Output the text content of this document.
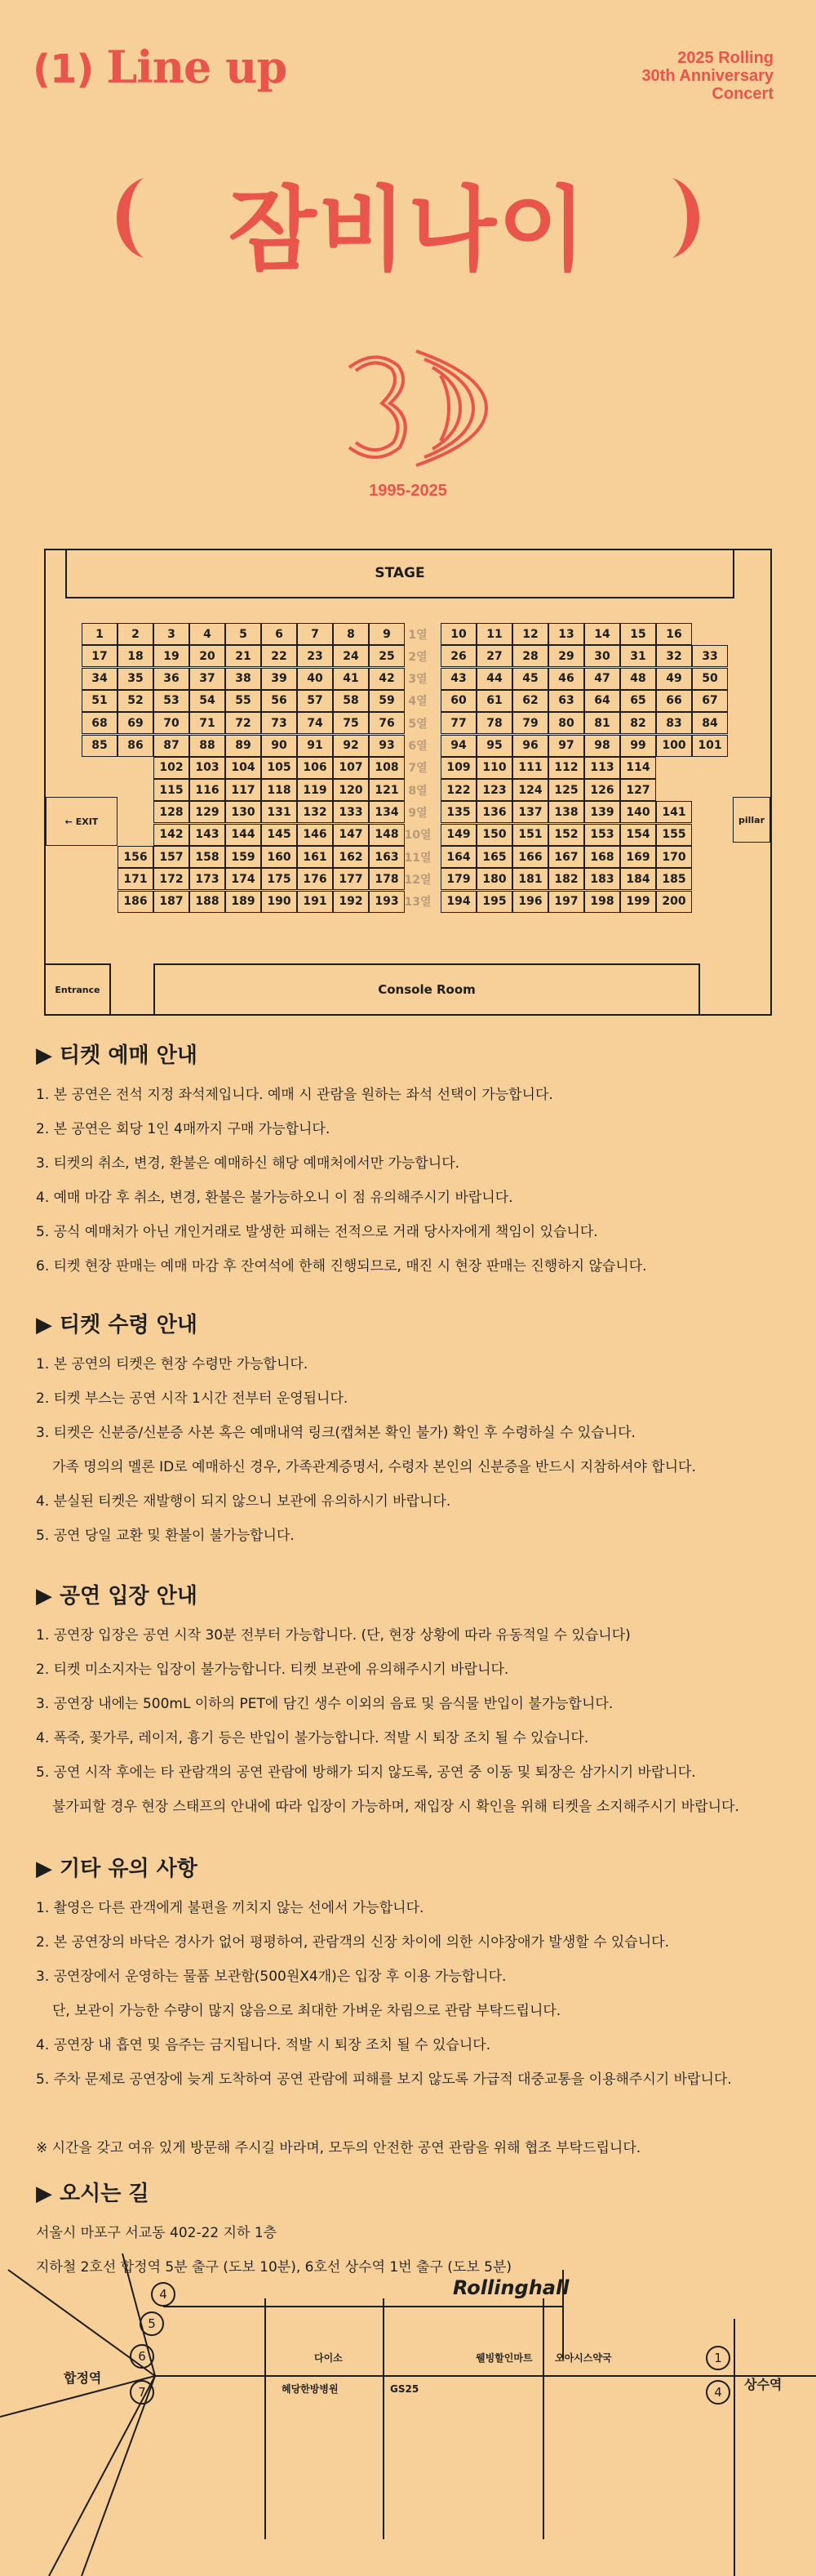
(1) Line up	2025 Rolling
30th Anniversary
Concert
잠비나이
1995-2025
STAGE
← EXIT	pillar
Entrance	Console Room
1	2	3	4	5	6	7	8	9	1열	10	11	12	13	14	15	16
17	18	19	20	21	22	23	24	25	2열	26	27	28	29	30	31	32	33
34	35	36	37	38	39	40	41	42	3열	43	44	45	46	47	48	49	50
51	52	53	54	55	56	57	58	59	4열	60	61	62	63	64	65	66	67
68	69	70	71	72	73	74	75	76	5열	77	78	79	80	81	82	83	84
85	86	87	88	89	90	91	92	93	6열	94	95	96	97	98	99	100	101
102	103	104	105	106	107	108 7열	109	110	111	112	113	114
115	116	117	118	119	120	121 8열	122	123	124	125	126	127
128	129	130	131	132	133	134 9열	135	136	137	138	139	140	141
142	143	144	145	146	147	148 10열	149	150	151	152	153	154	155
156	157	158	159	160	161	162	163 11열	164	165	166	167	168	169	170
171	172	173	174	175	176	177	178 12열	179	180	181	182	183	184	185
186	187	188	189	190	191	192	193 13열	194	195	196	197	198	199	200
▶ 티켓 예매 안내
1. 본 공연은 전석 지정 좌석제입니다. 예매 시 관람을 원하는 좌석 선택이 가능합니다.
2. 본 공연은 회당 1인 4매까지 구매 가능합니다.
3. 티켓의 취소, 변경, 환불은 예매하신 해당 예매처에서만 가능합니다.
4. 예매 마감 후 취소, 변경, 환불은 불가능하오니 이 점 유의해주시기 바랍니다.
5. 공식 예매처가 아닌 개인거래로 발생한 피해는 전적으로 거래 당사자에게 책임이 있습니다.
6. 티켓 현장 판매는 예매 마감 후 잔여석에 한해 진행되므로, 매진 시 현장 판매는 진행하지 않습니다.
▶ 티켓 수령 안내
1. 본 공연의 티켓은 현장 수령만 가능합니다.
2. 티켓 부스는 공연 시작 1시간 전부터 운영됩니다.
3. 티켓은 신분증/신분증 사본 혹은 예매내역 링크(캡쳐본 확인 불가) 확인 후 수령하실 수 있습니다.
가족 명의의 멜론 ID로 예매하신 경우, 가족관계증명서, 수령자 본인의 신분증을 반드시 지참하셔야 합니다.
4. 분실된 티켓은 재발행이 되지 않으니 보관에 유의하시기 바랍니다.
5. 공연 당일 교환 및 환불이 불가능합니다.
▶ 공연 입장 안내
1. 공연장 입장은 공연 시작 30분 전부터 가능합니다. (단, 현장 상황에 따라 유동적일 수 있습니다)
2. 티켓 미소지자는 입장이 불가능합니다. 티켓 보관에 유의해주시기 바랍니다.
3. 공연장 내에는 500mL 이하의 PET에 담긴 생수 이외의 음료 및 음식물 반입이 불가능합니다.
4. 폭죽, 꽃가루, 레이저, 흉기 등은 반입이 불가능합니다. 적발 시 퇴장 조치 될 수 있습니다.
5. 공연 시작 후에는 타 관람객의 공연 관람에 방해가 되지 않도록, 공연 중 이동 및 퇴장은 삼가시기 바랍니다.
불가피할 경우 현장 스태프의 안내에 따라 입장이 가능하며, 재입장 시 확인을 위해 티켓을 소지해주시기 바랍니다.
▶ 기타 유의 사항
1. 촬영은 다른 관객에게 불편을 끼치지 않는 선에서 가능합니다.
2. 본 공연장의 바닥은 경사가 없어 평평하여, 관람객의 신장 차이에 의한 시야장애가 발생할 수 있습니다.
3. 공연장에서 운영하는 물품 보관함(500원X4개)은 입장 후 이용 가능합니다.
단, 보관이 가능한 수량이 많지 않음으로 최대한 가벼운 차림으로 관람 부탁드립니다.
4. 공연장 내 흡연 및 음주는 금지됩니다. 적발 시 퇴장 조치 될 수 있습니다.
5. 주차 문제로 공연장에 늦게 도착하여 공연 관람에 피해를 보지 않도록 가급적 대중교통을 이용해주시기 바랍니다.
※ 시간을 갖고 여유 있게 방문해 주시길 바라며, 모두의 안전한 공연 관람을 위해 협조 부탁드립니다.
▶ 오시는 길
서울시 마포구 서교동 402-22 지하 1층
지하철 2호선 합정역 5분 출구 (도보 10분), 6호선 상수역 1번 출구 (도보 5분)
4
5
6
7
1
4
Rollinghall
합정역	상수역
다이소
혜당한방병원	GS25
웰빙할인마트 오아시스약국
